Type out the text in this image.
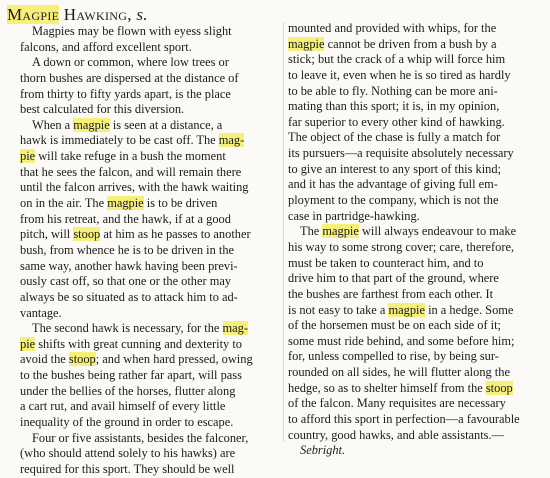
Magpie Hawking, s.
Magpies may be flown with eyess slight
falcons, and afford excellent sport.
A down or common, where low trees or
thorn bushes are dispersed at the distance of
from thirty to fifty yards apart, is the place
best calculated for this diversion.
When a magpie is seen at a distance, a
hawk is immediately to be cast off. The mag-
pie will take refuge in a bush the moment
that he sees the falcon, and will remain there
until the falcon arrives, with the hawk waiting
on in the air. The magpie is to be driven
from his retreat, and the hawk, if at a good
pitch, will stoop at him as he passes to another
bush, from whence he is to be driven in the
same way, another hawk having been previ-
ously cast off, so that one or the other may
always be so situated as to attack him to ad-
vantage.
The second hawk is necessary, for the mag-
pie shifts with great cunning and dexterity to
avoid the stoop; and when hard pressed, owing
to the bushes being rather far apart, will pass
under the bellies of the horses, flutter along
a cart rut, and avail himself of every little
inequality of the ground in order to escape.
Four or five assistants, besides the falconer,
(who should attend solely to his hawks) are
required for this sport. They should be well
mounted and provided with whips, for the
magpie cannot be driven from a bush by a
stick; but the crack of a whip will force him
to leave it, even when he is so tired as hardly
to be able to fly. Nothing can be more ani-
mating than this sport; it is, in my opinion,
far superior to every other kind of hawking.
The object of the chase is fully a match for
its pursuers—a requisite absolutely necessary
to give an interest to any sport of this kind;
and it has the advantage of giving full em-
ployment to the company, which is not the
case in partridge-hawking.
The magpie will always endeavour to make
his way to some strong cover; care, therefore,
must be taken to counteract him, and to
drive him to that part of the ground, where
the bushes are farthest from each other. It
is not easy to take a magpie in a hedge. Some
of the horsemen must be on each side of it;
some must ride behind, and some before him;
for, unless compelled to rise, by being sur-
rounded on all sides, he will flutter along the
hedge, so as to shelter himself from the stoop
of the falcon. Many requisites are necessary
to afford this sport in perfection—a favourable
country, good hawks, and able assistants.—
Sebright.
